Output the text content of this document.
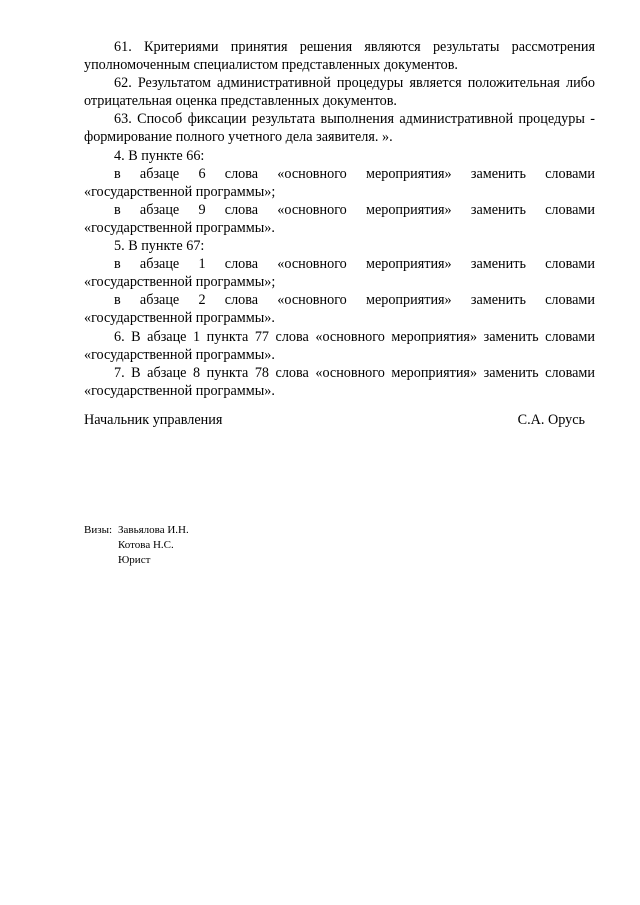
61. Критериями принятия решения являются результаты рассмотрения уполномоченным специалистом представленных документов.

62. Результатом административной процедуры является положительная либо отрицательная оценка представленных документов.

63. Способ фиксации результата выполнения административной процедуры - формирование полного учетного дела заявителя. ».

4. В пункте 66:

в абзаце 6 слова «основного мероприятия» заменить словами «государственной программы»;

в абзаце 9 слова «основного мероприятия» заменить словами «государственной программы».

5. В пункте 67:

в абзаце 1 слова «основного мероприятия» заменить словами «государственной программы»;

в абзаце 2 слова «основного мероприятия» заменить словами «государственной программы».

6. В абзаце 1 пункта 77 слова «основного мероприятия» заменить словами «государственной программы».

7. В абзаце 8 пункта 78 слова «основного мероприятия» заменить словами «государственной программы».

Начальник управления	С.А. Орусь
Визы: Завьялова И.Н.
Котова Н.С.
Юрист
